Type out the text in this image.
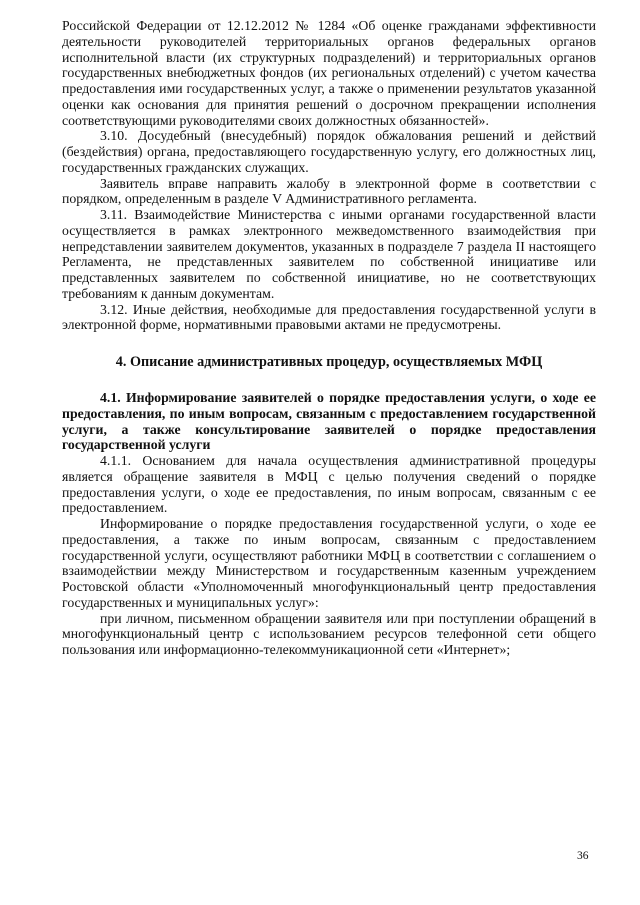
Российской Федерации от 12.12.2012 № 1284 «Об оценке гражданами эффективности деятельности руководителей территориальных органов федеральных органов исполнительной власти (их структурных подразделений) и территориальных органов государственных внебюджетных фондов (их региональных отделений) с учетом качества предоставления ими государственных услуг, а также о применении результатов указанной оценки как основания для принятия решений о досрочном прекращении исполнения соответствующими руководителями своих должностных обязанностей».

3.10. Досудебный (внесудебный) порядок обжалования решений и действий (бездействия) органа, предоставляющего государственную услугу, его должностных лиц, государственных гражданских служащих.

Заявитель вправе направить жалобу в электронной форме в соответствии с порядком, определенным в разделе V Административного регламента.

3.11. Взаимодействие Министерства с иными органами государственной власти осуществляется в рамках электронного межведомственного взаимодействия при непредставлении заявителем документов, указанных в подразделе 7 раздела II настоящего Регламента, не представленных заявителем по собственной инициативе или представленных заявителем по собственной инициативе, но не соответствующих требованиям к данным документам.

3.12. Иные действия, необходимые для предоставления государственной услуги в электронной форме, нормативными правовыми актами не предусмотрены.

4. Описание административных процедур, осуществляемых МФЦ

4.1. Информирование заявителей о порядке предоставления услуги, о ходе ее предоставления, по иным вопросам, связанным с предоставлением государственной услуги, а также консультирование заявителей о порядке предоставления государственной услуги

4.1.1. Основанием для начала осуществления административной процедуры является обращение заявителя в МФЦ с целью получения сведений о порядке предоставления услуги, о ходе ее предоставления, по иным вопросам, связанным с ее предоставлением.

Информирование о порядке предоставления государственной услуги, о ходе ее предоставления, а также по иным вопросам, связанным с предоставлением государственной услуги, осуществляют работники МФЦ в соответствии с соглашением о взаимодействии между Министерством и государственным казенным учреждением Ростовской области «Уполномоченный многофункциональный центр предоставления государственных и муниципальных услуг»:

при личном, письменном обращении заявителя или при поступлении обращений в многофункциональный центр с использованием ресурсов телефонной сети общего пользования или информационно-телекоммуникационной сети «Интернет»;

36
